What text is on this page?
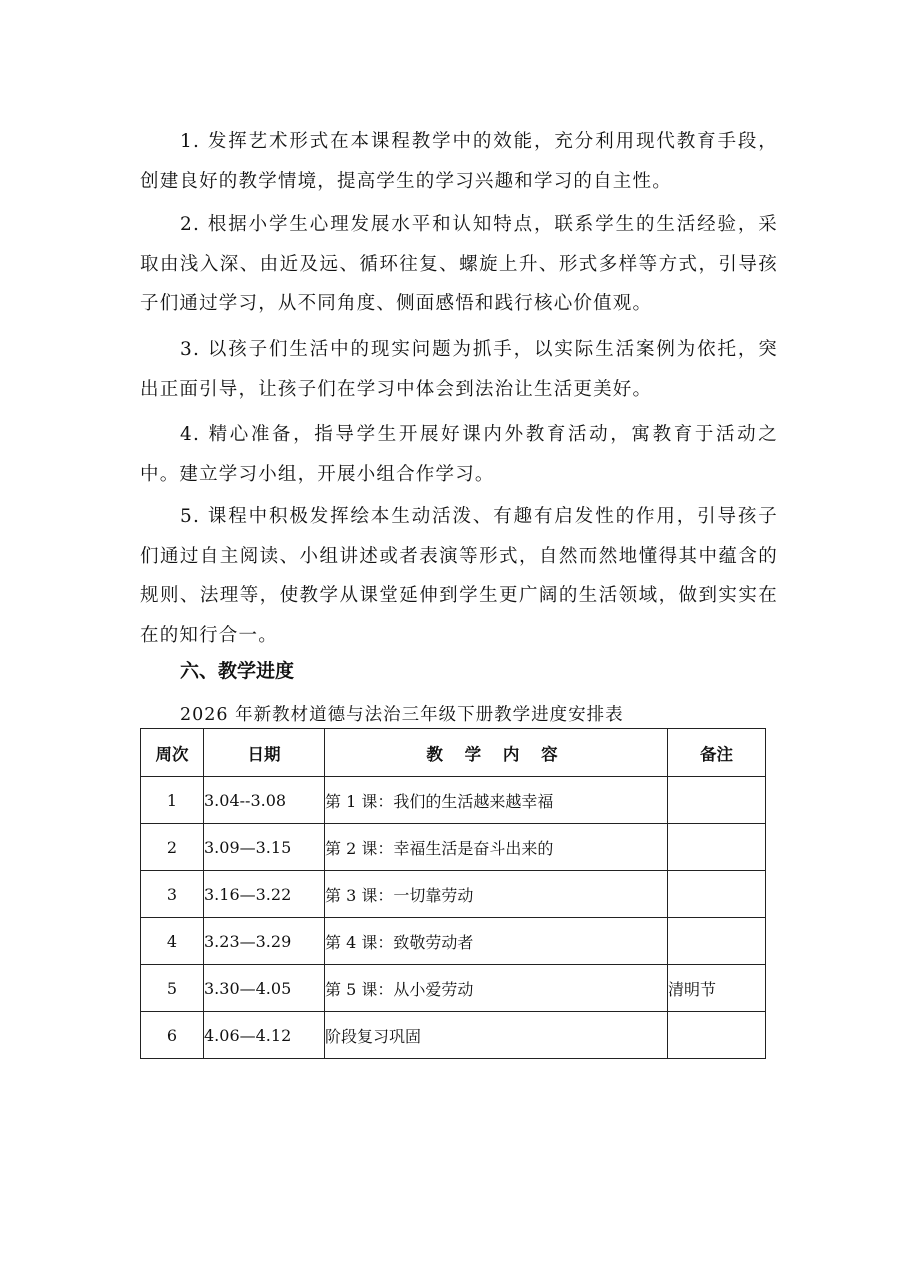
1. 发挥艺术形式在本课程教学中的效能，充分利用现代教育手段，创建良好的教学情境，提高学生的学习兴趣和学习的自主性。

2. 根据小学生心理发展水平和认知特点，联系学生的生活经验，采取由浅入深、由近及远、循环往复、螺旋上升、形式多样等方式，引导孩子们通过学习，从不同角度、侧面感悟和践行核心价值观。

3. 以孩子们生活中的现实问题为抓手，以实际生活案例为依托，突出正面引导，让孩子们在学习中体会到法治让生活更美好。

4. 精心准备，指导学生开展好课内外教育活动，寓教育于活动之中。建立学习小组，开展小组合作学习。

5. 课程中积极发挥绘本生动活泼、有趣有启发性的作用，引导孩子们通过自主阅读、小组讲述或者表演等形式，自然而然地懂得其中蕴含的规则、法理等，使教学从课堂延伸到学生更广阔的生活领域，做到实实在在的知行合一。

六、教学进度

2026 年新教材道德与法治三年级下册教学进度安排表

周次	日期	教 学 内 容	备注
1	3.04--3.08	第 1 课：我们的生活越来越幸福	
2	3.09—3.15	第 2 课：幸福生活是奋斗出来的	
3	3.16—3.22	第 3 课：一切靠劳动	
4	3.23—3.29	第 4 课：致敬劳动者	
5	3.30—4.05	第 5 课：从小爱劳动	清明节
6	4.06—4.12	阶段复习巩固	
